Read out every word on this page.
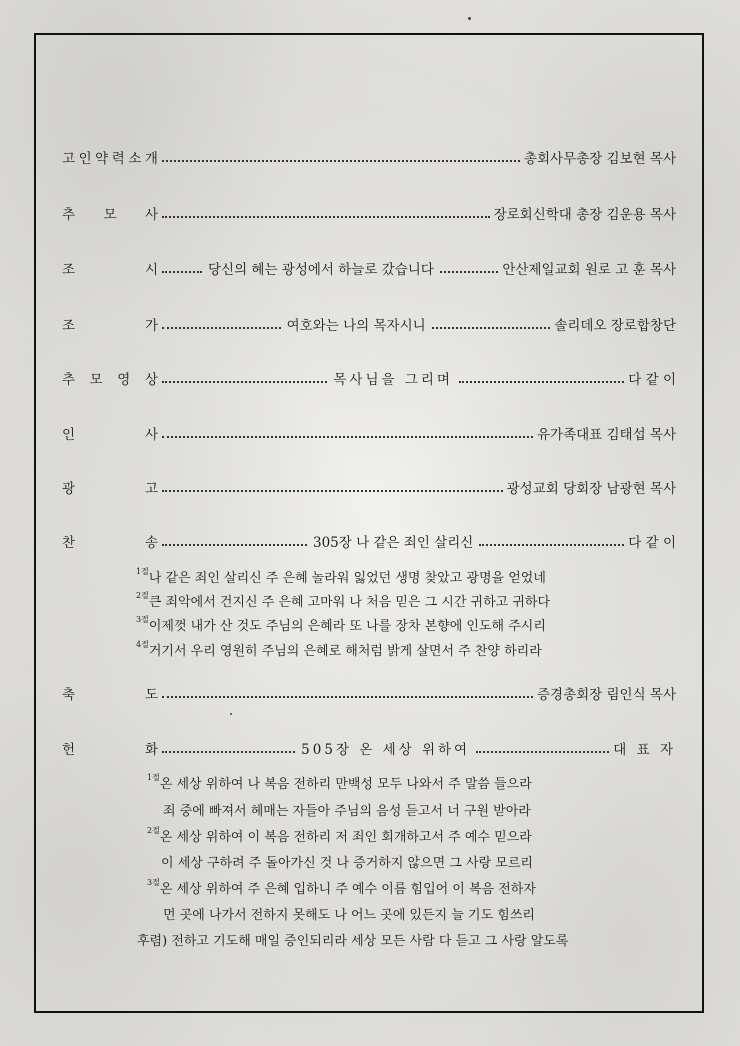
고 인 약 력 소 개	총회사무총장 김보현 목사
추 모 사	장로회신학대 총장 김운용 목사
조	시	당신의 혜는 광성에서 하늘로 갔습니다	안산제일교회 원로 고 훈 목사
조	가	여호와는 나의 목자시니	솔리데오 장로합창단
추 모 영 상	목사님을 그리며	다 같 이
인	사	유가족대표 김태섭 목사
광	고	광성교회 당회장 남광현 목사
찬	송	305장 나 같은 죄인 살리신	다 같 이
$^{1절}$나 같은 죄인 살리신 주 은혜 놀라워 잃었던 생명 찾았고 광명을 얻었네
$^{2절}$큰 죄악에서 건지신 주 은혜 고마워 나 처음 믿은 그 시간 귀하고 귀하다
$^{3절}$이제껏 내가 산 것도 주님의 은혜라 또 나를 장차 본향에 인도해 주시리
$^{4절}$거기서 우리 영원히 주님의 은혜로 해처럼 밝게 살면서 주 찬양 하리라
축	도	증경총회장 림인식 목사
헌	화	505장 온 세상 위하여	대 표 자
$^{1절}$온 세상 위하여 나 복음 전하리 만백성 모두 나와서 주 말씀 들으라
죄 중에 빠져서 헤매는 자들아 주님의 음성 듣고서 너 구원 받아라
$^{2절}$온 세상 위하여 이 복음 전하리 저 죄인 회개하고서 주 예수 믿으라
이 세상 구하려 주 돌아가신 것 나 증거하지 않으면 그 사랑 모르리
$^{3절}$온 세상 위하여 주 은혜 입하니 주 예수 이름 힘입어 이 복음 전하자
먼 곳에 나가서 전하지 못해도 나 어느 곳에 있든지 늘 기도 힘쓰리
후렴) 전하고 기도해 매일 증인되리라 세상 모든 사람 다 듣고 그 사랑 알도록
